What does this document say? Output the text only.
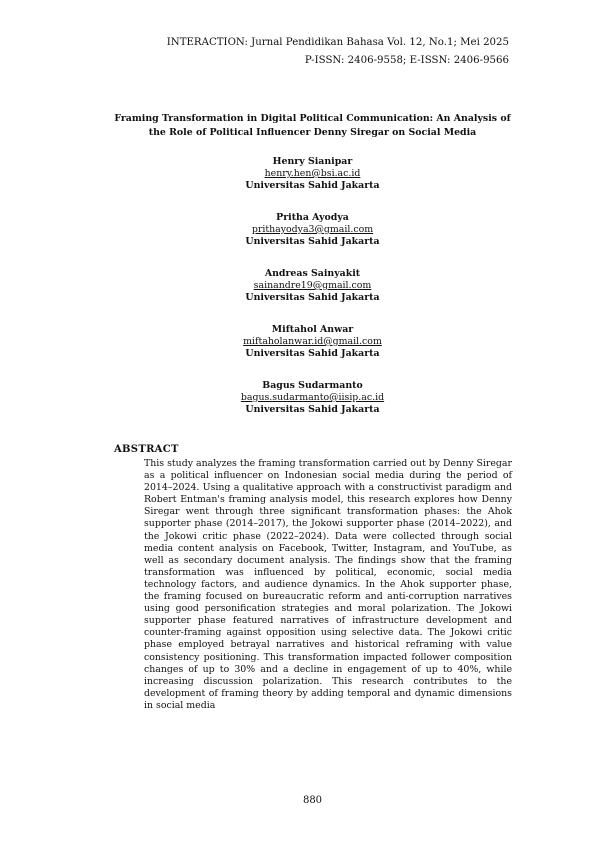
INTERACTION: Jurnal Pendidikan Bahasa Vol. 12, No.1; Mei 2025
P-ISSN: 2406-9558; E-ISSN: 2406-9566
Framing Transformation in Digital Political Communication: An Analysis of
the Role of Political Influencer Denny Siregar on Social Media
Henry Sianipar
henry.hen@bsi.ac.id
Universitas Sahid Jakarta
Pritha Ayodya
prithayodya3@gmail.com
Universitas Sahid Jakarta
Andreas Sainyakit
sainandre19@gmail.com
Universitas Sahid Jakarta
Miftahol Anwar
miftaholanwar.id@gmail.com
Universitas Sahid Jakarta
Bagus Sudarmanto
bagus.sudarmanto@iisip.ac.id
Universitas Sahid Jakarta
ABSTRACT

This study analyzes the framing transformation carried out by Denny Siregar as a political influencer on Indonesian social media during the period of 2014–2024. Using a qualitative approach with a constructivist paradigm and Robert Entman's framing analysis model, this research explores how Denny Siregar went through three significant transformation phases: the Ahok supporter phase (2014–2017), the Jokowi supporter phase (2014–2022), and the Jokowi critic phase (2022–2024). Data were collected through social media content analysis on Facebook, Twitter, Instagram, and YouTube, as well as secondary document analysis. The findings show that the framing transformation was influenced by political, economic, social media technology factors, and audience dynamics. In the Ahok supporter phase, the framing focused on bureaucratic reform and anti-corruption narratives using good personification strategies and moral polarization. The Jokowi supporter phase featured narratives of infrastructure development and counter-framing against opposition using selective data. The Jokowi critic phase employed betrayal narratives and historical reframing with value consistency positioning. This transformation impacted follower composition changes of up to 30% and a decline in engagement of up to 40%, while increasing discussion polarization. This research contributes to the development of framing theory by adding temporal and dynamic dimensions in social media

880
